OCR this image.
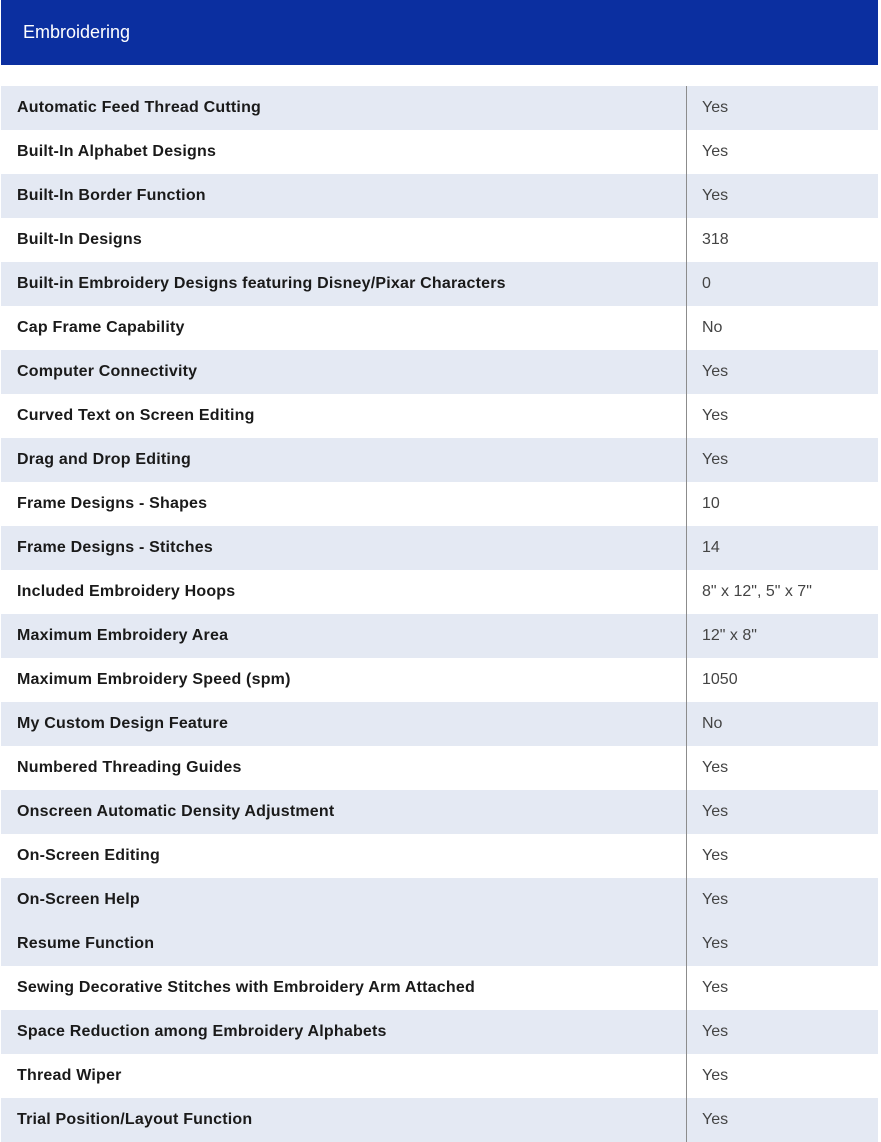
Embroidering
Automatic Feed Thread Cutting	Yes
Built-In Alphabet Designs	Yes
Built-In Border Function	Yes
Built-In Designs	318
Built-in Embroidery Designs featuring Disney/Pixar Characters	0
Cap Frame Capability	No
Computer Connectivity	Yes
Curved Text on Screen Editing	Yes
Drag and Drop Editing	Yes
Frame Designs - Shapes	10
Frame Designs - Stitches	14
Included Embroidery Hoops	8" x 12", 5" x 7"
Maximum Embroidery Area	12" x 8"
Maximum Embroidery Speed (spm)	1050
My Custom Design Feature	No
Numbered Threading Guides	Yes
Onscreen Automatic Density Adjustment	Yes
On-Screen Editing	Yes
On-Screen Help	Yes
Resume Function	Yes
Sewing Decorative Stitches with Embroidery Arm Attached	Yes
Space Reduction among Embroidery Alphabets	Yes
Thread Wiper	Yes
Trial Position/Layout Function	Yes
